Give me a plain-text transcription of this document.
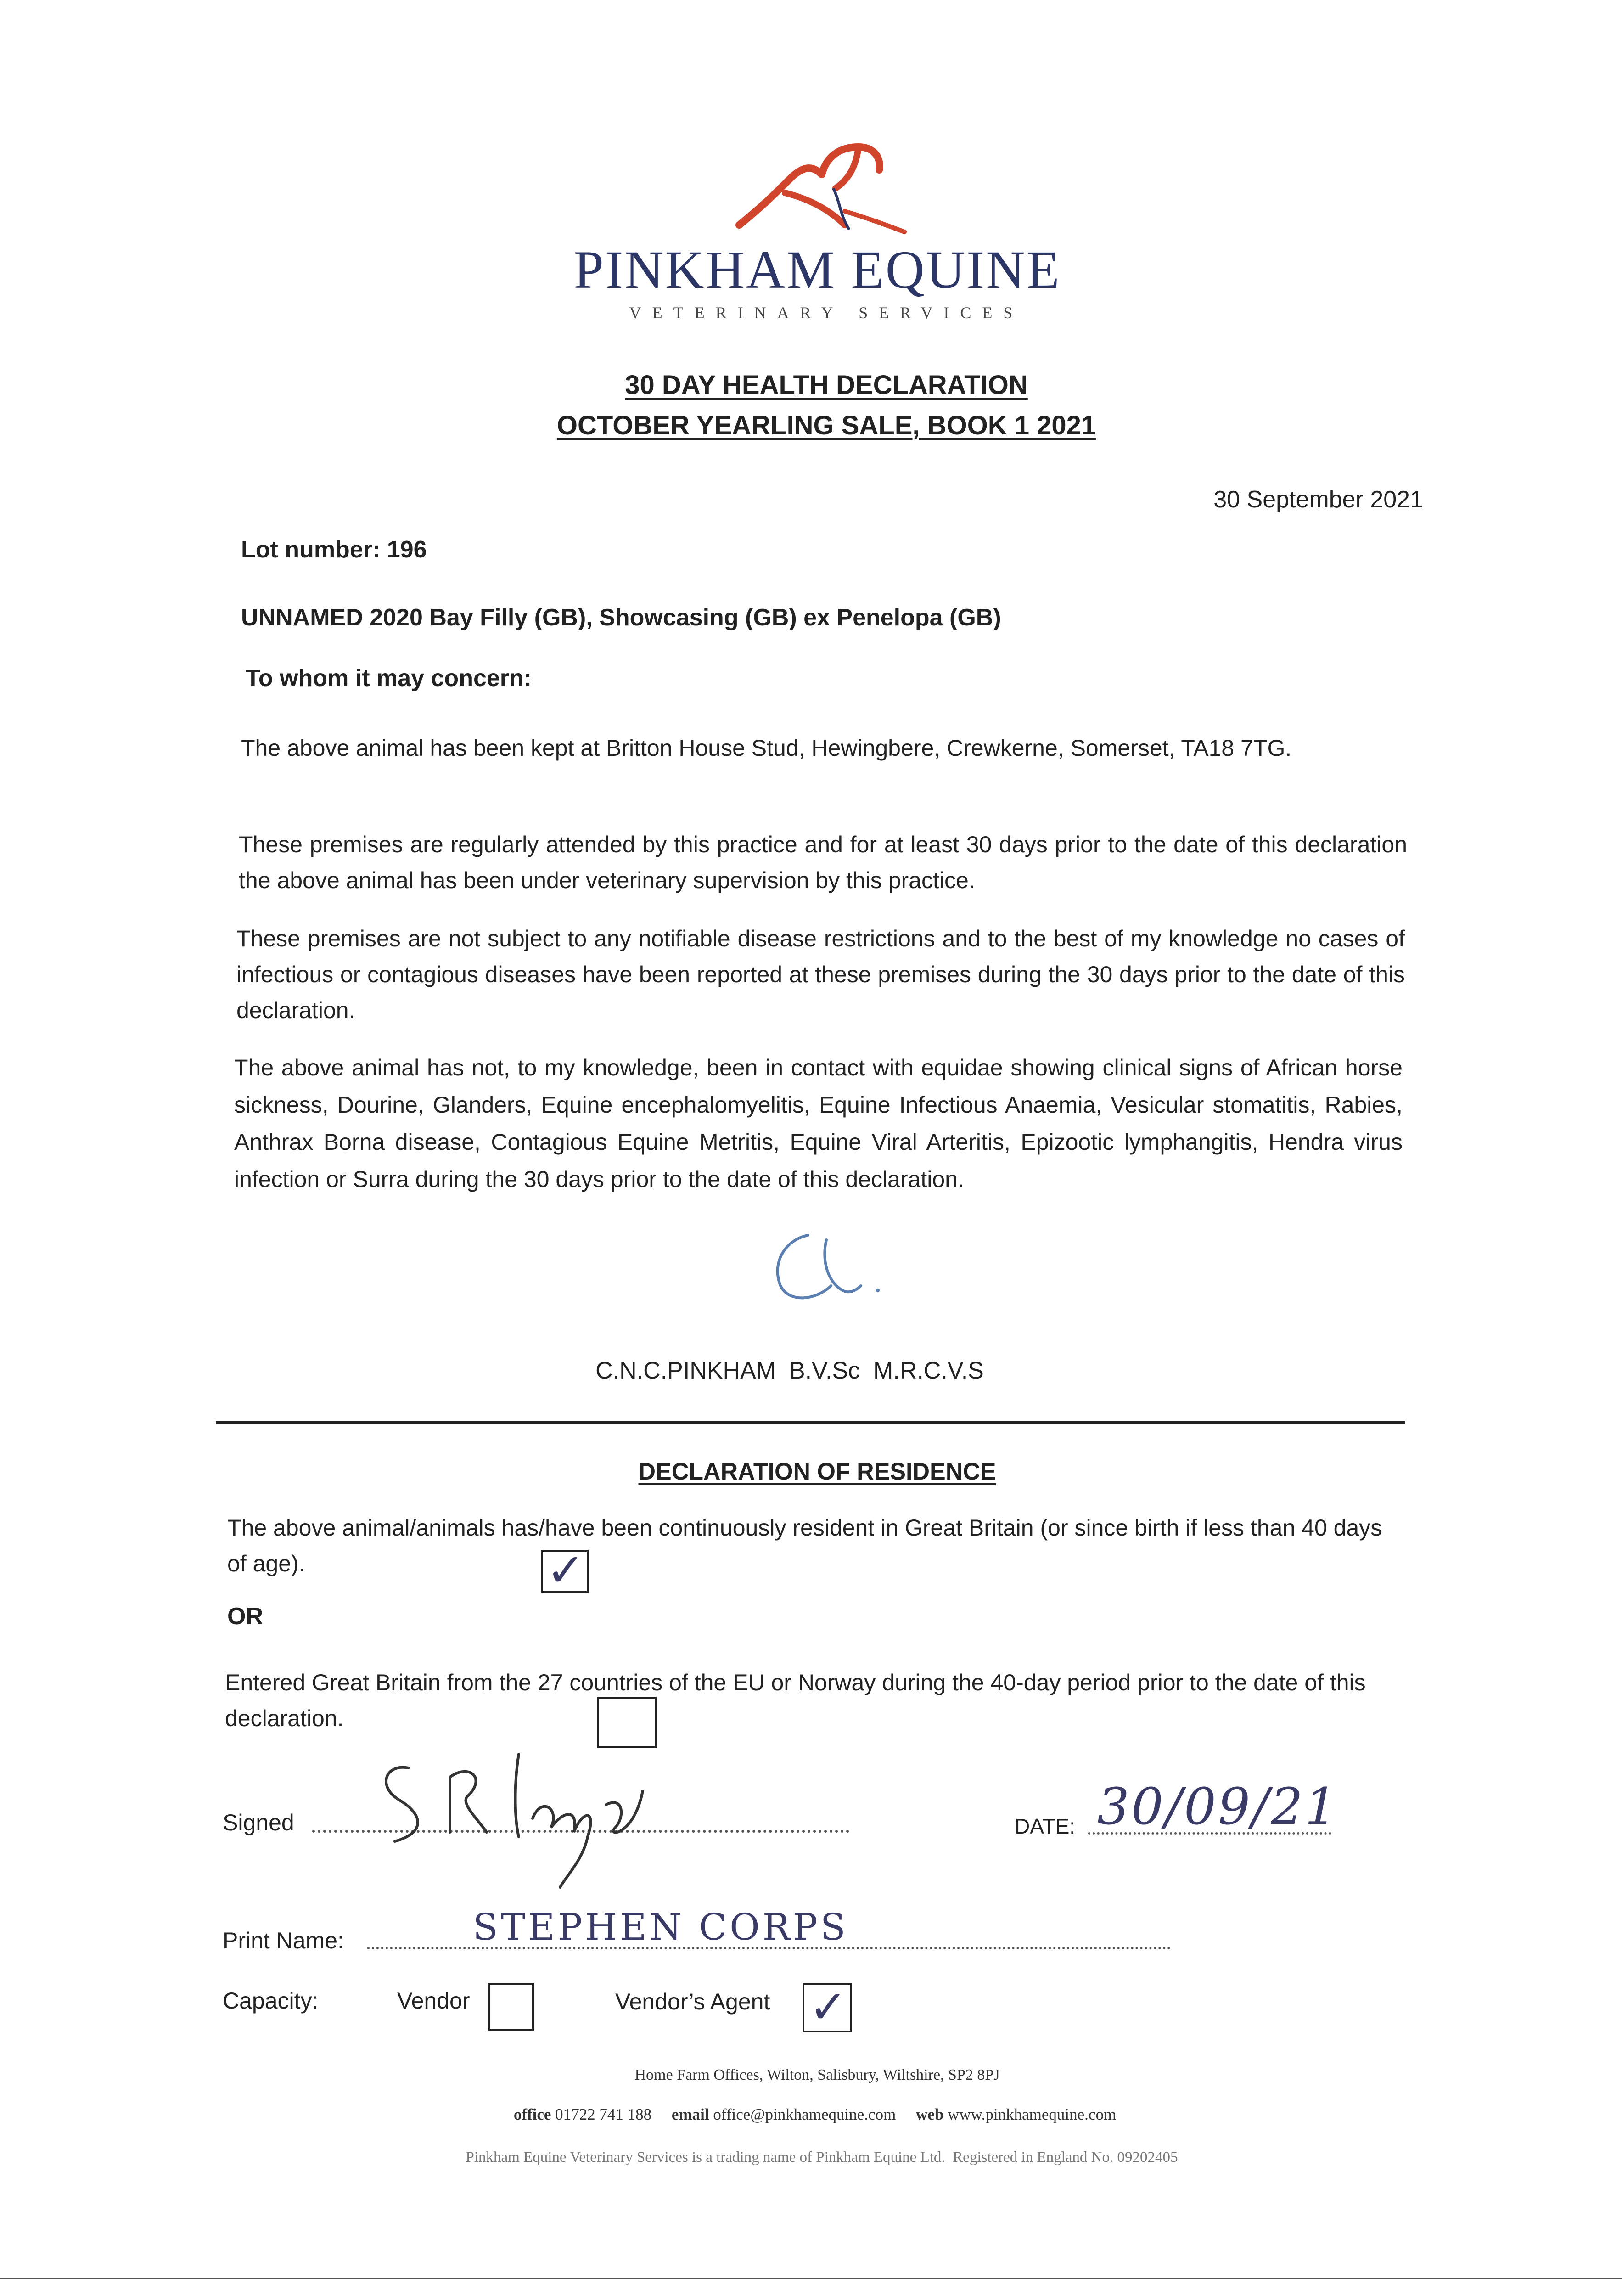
PINKHAM EQUINE
VETERINARY SERVICES
30 DAY HEALTH DECLARATION
OCTOBER YEARLING SALE, BOOK 1 2021
30 September 2021
Lot number: 196
UNNAMED 2020 Bay Filly (GB), Showcasing (GB) ex Penelopa (GB)
To whom it may concern:
The above animal has been kept at Britton House Stud, Hewingbere, Crewkerne, Somerset, TA18 7TG.
These premises are regularly attended by this practice and for at least 30 days prior to the date of this declaration the above animal has been under veterinary supervision by this practice.
These premises are not subject to any notifiable disease restrictions and to the best of my knowledge no cases of infectious or contagious diseases have been reported at these premises during the 30 days prior to the date of this declaration.
The above animal has not, to my knowledge, been in contact with equidae showing clinical signs of African horse sickness, Dourine, Glanders, Equine encephalomyelitis, Equine Infectious Anaemia, Vesicular stomatitis, Rabies, Anthrax Borna disease, Contagious Equine Metritis, Equine Viral Arteritis, Epizootic lymphangitis, Hendra virus infection or Surra during the 30 days prior to the date of this declaration.
C.N.C.PINKHAM  B.V.Sc  M.R.C.V.S
DECLARATION OF RESIDENCE
The above animal/animals has/have been continuously resident in Great Britain (or since birth if less than 40 days of age).	✓
OR
Entered Great Britain from the 27 countries of the EU or Norway during the 40-day period prior to the date of this declaration.
Signed	DATE: 30/09/21
Print Name:	STEPHEN CORPS
Capacity:	Vendor	Vendor’s Agent ✓
Home Farm Offices, Wilton, Salisbury, Wiltshire, SP2 8PJ
office 01722 741 188 email office@pinkhamequine.com web www.pinkhamequine.com
Pinkham Equine Veterinary Services is a trading name of Pinkham Equine Ltd.  Registered in England No. 09202405
